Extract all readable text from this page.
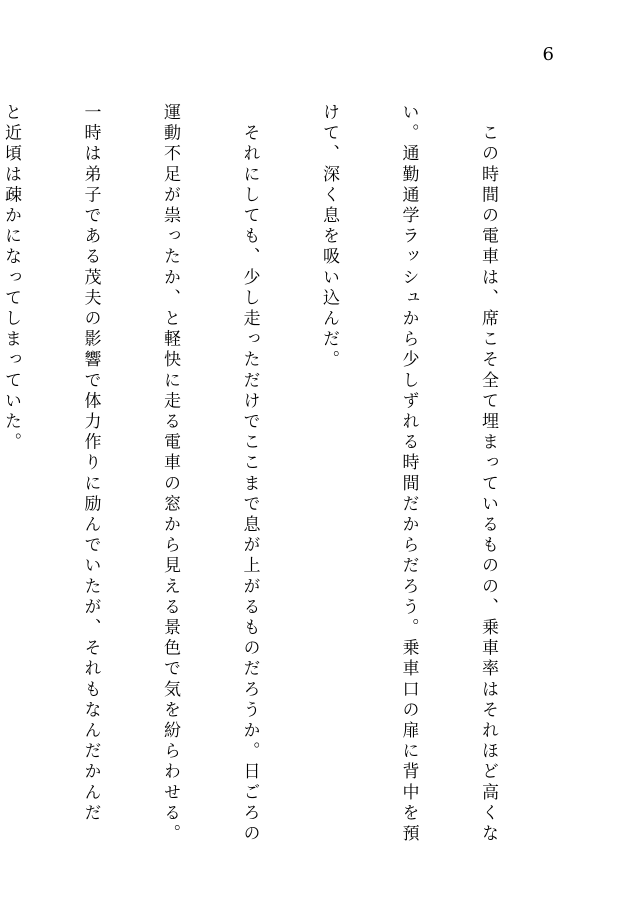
6

　この時間の電車は、席こそ全て埋まっているものの、乗車率はそれほど高くな

い。通勤通学ラッシュから少しずれる時間だからだろう。乗車口の扉に背中を預

けて、深く息を吸い込んだ。

　それにしても、少し走っただけでここまで息が上がるものだろうか。日ごろの

運動不足が祟ったか、と軽快に走る電車の窓から見える景色で気を紛らわせる。

一時は弟子である茂夫の影響で体力作りに励んでいたが、それもなんだかんだ

と近頃は疎かになってしまっていた。
